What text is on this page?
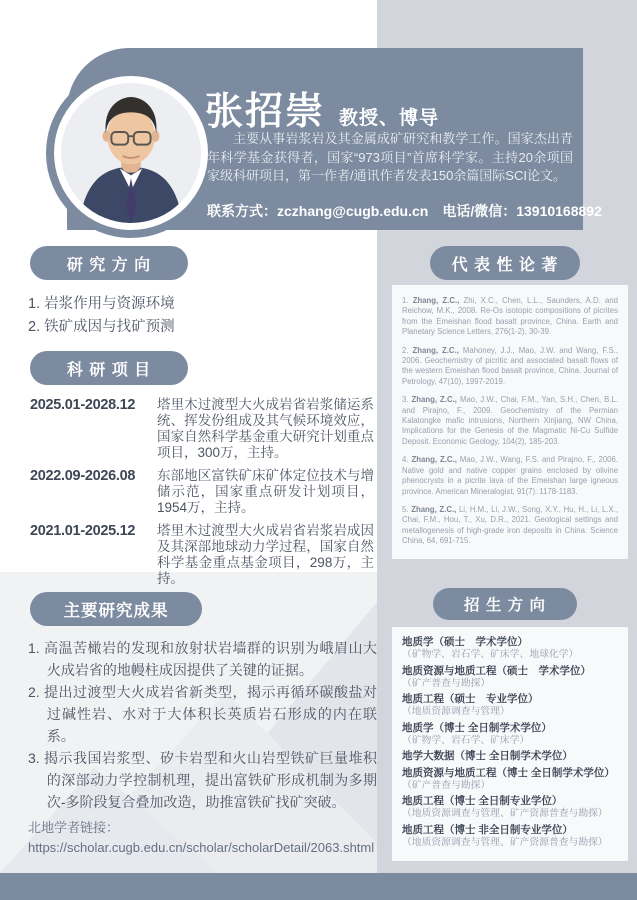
张招崇 教授、博导
主要从事岩浆岩及其金属成矿研究和教学工作。国家杰出青年科学基金获得者，国家“973项目”首席科学家。主持20余项国家级科研项目，第一作者/通讯作者发表150余篇国际SCI论文。
联系方式：zczhang@cugb.edu.cn 电话/微信：13910168892
研 究 方 向
1. 岩浆作用与资源环境
2. 铁矿成因与找矿预测
科 研 项 目
2025.01-2028.12	塔里木过渡型大火成岩省岩浆储运系统、挥发份组成及其气候环境效应，国家自然科学基金重大研究计划重点项目，300万，主持。
2022.09-2026.08	东部地区富铁矿床矿体定位技术与增储示范，国家重点研发计划项目，1954万，主持。
2021.01-2025.12	塔里木过渡型大火成岩省岩浆岩成因及其深部地球动力学过程，国家自然科学基金重点基金项目，298万，主持。
主要研究成果
1. 高温苦橄岩的发现和放射状岩墙群的识别为峨眉山大火成岩省的地幔柱成因提供了关键的证据。
2. 提出过渡型大火成岩省新类型，揭示再循环碳酸盐对过碱性岩、水对于大体积长英质岩石形成的内在联系。
3. 揭示我国岩浆型、矽卡岩型和火山岩型铁矿巨量堆积的深部动力学控制机理，提出富铁矿形成机制为多期次-多阶段复合叠加改造，助推富铁矿找矿突破。
北地学者链接：
https://scholar.cugb.edu.cn/scholar/scholarDetail/2063.shtml
代 表 性 论 著

1. Zhang, Z.C., Zhi, X.C., Chen, L.L., Saunders, A.D. and Reichow, M.K., 2008. Re-Os isotopic compositions of picrites from the Emeishan flood basalt province, China. Earth and Planetary Science Letters, 276(1-2), 30-39.

2. Zhang, Z.C., Mahoney, J.J., Mao, J.W. and Wang, F.S., 2006. Geochemistry of picritic and associated basalt flows of the western Emeishan flood basalt province, China. Journal of Petrology, 47(10), 1997-2019.

3. Zhang, Z.C., Mao, J.W., Chai, F.M., Yan, S.H., Chen, B.L. and Pirajno, F., 2009. Geochemistry of the Permian Kalatongke mafic intrusions, Northern Xinjiang, NW China, Implications for the Genesis of the Magmatic Ni-Cu Sulfide Deposit. Economic Geology, 104(2), 185-203.

4. Zhang, Z.C., Mao, J.W., Wang, F.S. and Pirajno, F., 2006. Native gold and native copper grains enclosed by olivine phenocrysts in a picrite lava of the Emeishan large igneous province. American Mineralogist, 91(7): 1178-1183.

5. Zhang, Z.C., Li, H.M., Li, J.W., Song, X.Y., Hu, H., Li, L.X., Chai, F.M., Hou, T., Xu, D.R., 2021. Geological settings and metallogenesis of high-grade iron deposits in China. Science China, 64, 691-715.

招 生 方 向
地质学（硕士　学术学位）
（矿物学、岩石学、矿床学、地球化学）
地质资源与地质工程（硕士　学术学位）
（矿产普查与勘探）
地质工程（硕士　专业学位）
（地质资源调查与管理）
地质学（博士 全日制学术学位）
（矿物学、岩石学、矿床学）
地学大数据（博士 全日制学术学位）
地质资源与地质工程（博士 全日制学术学位）
（矿产普查与勘探）
地质工程（博士 全日制专业学位）
（地质资源调查与管理、矿产资源普查与勘探）
地质工程（博士 非全日制专业学位）
（地质资源调查与管理、矿产资源普查与勘探）
